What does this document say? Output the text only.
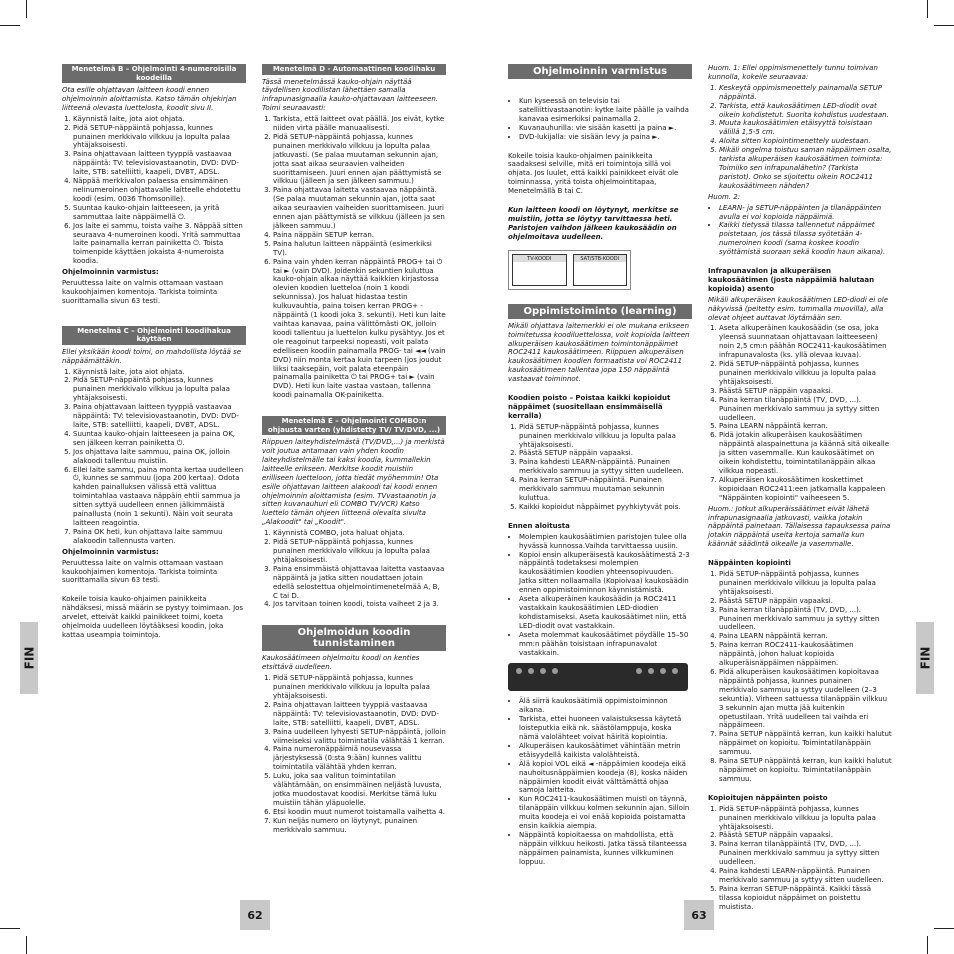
FIN	FIN
62	63
Menetelmä B – Ohjelmointi 4-numeroisilla koodeilla

Ota esille ohjattavan laitteen koodi ennen ohjelmoinnin aloittamista. Katso tämän ohjekirjan liitteenä olevasta luettelosta, koodit sivu II.

1. Käynnistä laite, jota aiot ohjata.
2. Pidä SETUP-näppäintä pohjassa, kunnes punainen merkkivalo vilkkuu ja lopulta palaa yhtäjaksoisesti.
3. Paina ohjattavaan laitteen tyyppiä vastaavaa näppäintä: TV: televisiovastaanotin, DVD: DVD-laite, STB: satelliitti, kaapeli, DVBT, ADSL.
4. Näppää merkkivalon palaessa ensimmäinen nelinumeroinen ohjattavalle laitteelle ehdotettu koodi (esim. 0036 Thomsonille).
5. Suuntaa kauko-ohjain laitteeseen, ja yritä sammuttaa laite näppäimellä ⏻.
6. Jos laite ei sammu, toista vaihe 3. Näppää sitten seuraava 4-numeroinen koodi. Yritä sammuttaa laite painamalla kerran painiketta ⏻. Toista toimenpide käyttäen jokaista 4-numeroista koodia.

Ohjelmoinnin varmistus:

Peruuttessa laite on valmis ottamaan vastaan kaukoohjaimen komentoja. Tarkista toiminta suorittamalla sivun 63 testi.

Menetelmä C – Ohjelmointi koodihakua käyttäen

Ellei yksikään koodi toimi, on mahdollista löytää se näppäämättäkin.

1. Käynnistä laite, jota aiot ohjata.
2. Pidä SETUP-näppäintä pohjassa, kunnes punainen merkkivalo vilkkuu ja lopulta palaa yhtäjaksoisesti.
3. Paina ohjattavaan laitteen tyyppiä vastaavaa näppäintä: TV: televisiovastaanotin, DVD: DVD-laite, STB: satelliitti, kaapeli, DVBT, ADSL.
4. Suuntaa kauko-ohjain laitteeseen ja paina OK, sen jälkeen kerran painiketta ⏻.
5. Jos ohjattava laite sammuu, paina OK, jolloin alakoodi tallentuu muistiin.
6. Ellei laite sammu, paina monta kertaa uudelleen ⏻, kunnes se sammuu (jopa 200 kertaa). Odota kahden painalluksen välissä että valittua toimintahlaa vastaava näppäin ehtii sammua ja sitten syttyä uudelleen ennen jälkimmäistä painallusta (noin 1 sekunti). Näin voit seurata laitteen reagointia.
7. Paina OK heti, kun ohjattava laite sammuu alakoodin tallennusta varten.

Ohjelmoinnin varmistus:

Peruuttessa laite on valmis ottamaan vastaan kaukoohjaimen komentoja. Tarkista toiminta suorittamalla sivun 63 testi.

Kokeile toisia kauko-ohjaimen painikkeita nähdäksesi, missä määrin se pystyy toimimaan. Jos arvelet, etteivät kaikki painikkeet toimi, koeta ohjelmoida uudelleen löytääksesi koodin, joka kattaa useampia toimintoja.

Menetelmä D - Automaattinen koodihaku

Tässä menetelmässä kauko-ohjain näyttää täydellisen koodilistan lähettäen samalla infrapunasignaalia kauko-ohjattavaan laitteeseen. Toimi seuraavasti:

1. Tarkista, että laitteet ovat päällä. Jos eivät, kytke niiden virta päälle manuaalisesti.
2. Pidä SETUP-näppäintä pohjassa, kunnes punainen merkkivalo vilkkuu ja lopulta palaa jatkuvasti. (Se palaa muutaman sekunnin ajan, jotta saat aikaa seuraavien vaiheiden suorittamiseen. Juuri ennen ajan päättymistä se vilkkuu (jälleen ja sen jälkeen sammuu.)
3. Paina ohjattavaa laitetta vastaavaa näppäintä. (Se palaa muutaman sekunnin ajan, jotta saat aikaa seuraavien vaiheiden suorittamiseen. Juuri ennen ajan päättymistä se vilkkuu (jälleen ja sen jälkeen sammuu.)
4. Paina näppäin SETUP kerran.
5. Paina halutun laitteen näppäintä (esimerkiksi TV).
6. Paina vain yhden kerran näppäintä PROG+ tai ⏻ tai ► (vain DVD). Joidenkin sekuntien kuluttua kauko-ohjain alkaa näyttää kaikkien kirjastossa olevien koodien luetteloa (noin 1 koodi sekunnissa). Jos haluat hidastaa testin kulkuvauhtia, paina toisen kerran PROG+ -näppäintä (1 koodi joka 3. sekunti). Heti kun laite vaihtaa kanavaa, paina välittömästi OK, jolloin koodi tallentuu ja luettelon kulku pysähtyy. Jos et ole reagoinut tarpeeksi nopeasti, voit palata edelliseen koodiin painamalla PROG- tai ◄◄ (vain DVD) niin monta kertaa kuin tarpeen (jos joudut liiksi taaksepäin, voit palata eteenpäin painamalla painiketta ⏻ tai PROG+ tai ► (vain DVD). Heti kun laite vastaa vastaan, tallenna koodi painamalla OK-painiketta.
Menetelmä E – Ohjelmointi COMBO:n ohjausta varten (yhdistetty TV/ TV/DVD, ...)

Riippuen laiteyhdistelmästä (TV/DVD,...) ja merkistä voit joutua antamaan vain yhden koodin laiteyhdistelmälle tai kaksi koodia, kummallekin laitteelle erikseen. Merkitse koodit muistiin erilliseen luetteloon, jotta tiedät myöhemmin! Ota esille ohjattavan laitteen alakoodi tai koodi ennen ohjelmoinnin aloittamista (esim. TVvastaanotin ja sitten kuvanauhuri eli COMBO TV/VCR) Katso luettelo tämän ohjeen liitteenä olevalta sivulta „Alakoodit" tai „Koodit".

1. Käynnistä COMBO, jota haluat ohjata.
2. Pidä SETUP-näppäintä pohjassa, kunnes punainen merkkivalo vilkkuu ja lopulta palaa yhtäjaksoisesti.
3. Paina ensimmäistä ohjattavaa laitetta vastaavaa näppäintä ja jatka sitten noudattaen jotain edellä selostettua ohjelmointimenetelmää A, B, C tai D.
4. Jos tarvitaan toinen koodi, toista vaiheet 2 ja 3.
Ohjelmoidun koodin tunnistaminen

Kaukosäätimeen ohjelmoitu koodi on kenties etsittävä uudelleen.

1. Pidä SETUP-näppäintä pohjassa, kunnes punainen merkkivalo vilkkuu ja lopulta palaa yhtäjaksoisesti.
2. Paina ohjattavan laitteen tyyppiä vastaavaa näppäintä: TV: televisiovastaanotin, DVD: DVD-laite, STB: satelliitti, kaapeli, DVBT, ADSL.
3. Paina uudelleen lyhyesti SETUP-näppäintä, jolloin viimeiseksi valittu toimintatila välähtää 1 kerran.
4. Paina numeronäppäimiä nousevassa järjestyksessä (0:sta 9:ään) kunnes valittu toimintatila välähtää yhden kerran.
5. Luku, joka saa valitun toimintatilan välähtämään, on ensimmäinen neljästä luvusta, jotka muodostavat koodisi. Merkitse tämä luku muistiin tähän yläpuolelle.
6. Etsi koodin muut numerot toistamalla vaihetta 4.
7. Kun neljäs numero on löytynyt, punainen merkkivalo sammuu.
Ohjelmoinnin varmistus
• Kun kyseessä on televisio tai satelliittivastaanotin: kytke laite päälle ja vaihda kanavaa esimerkiksi painamalla 2.
• Kuvanauhurilla: vie sisään kasetti ja paina ►.
• DVD-lukijalla: vie sisään levy ja paina ►.

Kokeile toisia kauko-ohjaimen painikkeita saadaksesi selville, mitä eri toimintoja sillä voi ohjata. Jos luulet, että kaikki painikkeet eivät ole toiminnassa, yritä toista ohjelmointitapaa, Menetelmällä B tai C.

Kun laitteen koodi on löytynyt, merkitse se muistiin, jotta se löytyy tarvittaessa heti. Paristojen vaihdon jälkeen kaukosäädin on ohjelmoitava uudelleen.

TV-KOODI	SAT/STB-KOODI
Oppimistoiminto (learning)

Mikäli ohjattava laitemerkki ei ole mukana erikseen toimitetussa koodiluettelossa, voit kopioida laitteen alkuperäisen kaukosäätimen toimintonäppäimet ROC2411 kaukosäätimeen. Riippuen alkuperäisen kaukosäätimen koodien formaatista voi ROC2411 kaukosäätimeen tallentaa jopa 150 näppäintä vastaavat toiminnot.

Koodien poisto – Poistaa kaikki kopioidut näppäimet (suositellaan ensimmäisellä kerralla)

1. Pidä SETUP-näppäintä pohjassa, kunnes punainen merkkivalo vilkkuu ja lopulta palaa yhtäjaksoisesti.
2. Päästä SETUP näppäin vapaaksi.
3. Paina kahdesti LEARN-näppäintä. Punainen merkkivalo sammuu ja syttyy sitten uudelleen.
4. Paina kerran SETUP-näppäintä. Punainen merkkivalo sammuu muutaman sekunnin kuluttua.
5. Kaikki kopioidut näppäimet pyyhkiytyvät pois.

Ennen aloitusta

• Molempien kaukosäätimien paristojen tulee olla hyvässä kunnossa.Vaihda tarvittaessa uusiin.
• Kopioi ensin alkuperäisestä kaukosäätimestä 2-3 näppäintä todetaksesi molempien kaukosäätimien koodien yhteensopivuuden. Jatka sitten nollaamalla (Kopioivaa) kaukosäädin ennen oppimistoiminnon käynnistämistä.
• Aseta alkuperäinen kaukosäädin ja ROC2411 vastakkain kaukosäätimien LED-diodien kohdistamiseksi. Aseta kaukosäätimet niin, että LED-diodit ovat vastakkain.
• Aseta molemmat kaukosäätimet pöydälle 15–50 mm:n päähän toisistaan infrapunavalot vastakkain.
• Älä siirrä kaukosäätimiä oppimistoiminnon aikana.
• Tarkista, ettei huoneen valaistuksessa käytetä loisteputkia eikä nk. säästölamppuja, koska nämä valolähteet voivat häiritä kopiointia.
• Alkuperäisen kaukosäätimet vähintään metrin etäisyydellä kaikista valolähteistä.
• Älä kopioi VOL eikä ◄ -näppäimien koodeja eikä nauhoitusnäppäimien koodeja (8), koska näiden näppäimien koodit eivät välttämättä ohjaa samoja laitteita.
• Kun ROC2411-kaukosäätimen muisti on täynnä, tilanäppäin vilkkuu kolmen sekunnin ajan. Silloin muita koodeja ei voi enää kopioida poistamatta ensin kaikkia aiempia.
• Näppäintä kopioitaessa on mahdollista, että näppäin vilkkuu heikosti. Jatka tässä tilanteessa näppäimen painamista, kunnes vilkkuminen loppuu.

Huom. 1: Ellei oppimismenettely tunnu toimivan kunnolla, kokeile seuraavaa:

1. Keskeytä oppimismenettely painamalla SETUP näppäintä.
2. Tarkista, että kaukosäätimen LED-diodit ovat oikein kohdistetut. Suorita kohdistus uudestaan.
3. Muuta kaukosäätimien etäisyyttä toisistaan välillä 1,5-5 cm.
4. Aloita sitten kopiointimenettely uudestaan.
5. Mikäli ongelma toistuu saman näppäimen osalta, tarkista alkuperäisen kaukosäätimen toiminta: Toimiiko sen infrapunalähetin? (Tarkista paristot). Onko se sijoitettu oikein ROC2411 kaukosäätimeen nähden?

Huom. 2:

• LEARN- ja SETUP-näppäinten ja tilanäppäinten avulla ei voi kopioida näppäimiä.
• Kaikki tietyssä tilassa tallennetut näppäimet poistetaan, jos tässä tilassa syötetään 4-numeroinen koodi (sama koskee koodin syöttämistä suoraan sekä koodin haun aikana).

Infrapunavalon ja alkuperäisen kaukosäätimen (josta näppäimiä halutaan kopioida) asento

Mikäli alkuperäisen kaukosäätimen LED-diodi ei ole näkyvissä (peitetty esim. tummalla muovilla), alla olevat ohjeet auttavat löytämään sen.

1. Aseta alkuperäinen kaukosäädin (se osa, joka yleensä suunnataan ohjattavaan laitteeseen) noin 2,5 cm:n päähän ROC2411-kaukosäätimen infrapunavalosta (ks. yllä olevaa kuvaa).
2. Pidä SETUP-näppäintä pohjassa, kunnes punainen merkkivalo vilkkuu ja lopulta palaa yhtäjaksoisesti.
3. Päästä SETUP näppäin vapaaksi.
4. Paina kerran tilanäppäintä (TV, DVD, ...). Punainen merkkivalo sammuu ja syttyy sitten uudelleen.
5. Paina LEARN näppäintä kerran.
6. Pidä jotakin alkuperäisen kaukosäätimen näppäintä alaspainettuna ja käännä sitä oikealle ja sitten vasemmalle. Kun kaukosäätimet on oikein kohdistettu, toimintatilanäppäin alkaa vilkkua nopeasti.
7. Alkuperäisen kaukosäätimen koskettimet kopioidaan ROC2411:een jatkamalla kappaleen "Näppäinten kopiointi" vaiheeseen 5.

Huom.: Jotkut alkuperäissäätimet eivät lähetä infrapunasignaalia jatkuvasti, vaikka jotakin näppäintä painetaan. Tällaisessa tapauksessa paina jotakin näppäintä useita kertoja samalla kun käännät säädintä oikealle ja vasemmalle.

Näppäinten kopiointi

1. Pidä SETUP-näppäintä pohjassa, kunnes punainen merkkivalo vilkkuu ja lopulta palaa yhtäjaksoisesti.
2. Päästä SETUP näppäin vapaaksi.
3. Paina kerran tilanäppäintä (TV, DVD, ...). Punainen merkkivalo sammuu ja syttyy sitten uudelleen.
4. Paina LEARN näppäintä kerran.
5. Paina kerran ROC2411-kaukosäätimen näppäintä, johon haluat kopioida alkuperäisnäppäimen näppäimen.
6. Pidä alkuperäisen kaukosäätimen kopioitavaa näppäintä pohjassa, kunnes punainen merkkivalo sammuu ja syttyy uudelleen (2–3 sekuntia). Virheen sattuessa tilanäppäin vilkkuu 3 sekunnin ajan mutta jää kuitenkin opetustilaan. Yritä uudelleen tai vaihda eri näppäimeen.
7. Paina SETUP näppäintä kerran, kun kaikki halutut näppäimet on kopioitu. Toimintatilanäppäin sammuu.
8. Paina SETUP näppäintä kerran, kun kaikki halutut näppäimet on kopioitu. Toimintatilanäppäin sammuu.

Kopioitujen näppäinten poisto

1. Pidä SETUP-näppäintä pohjassa, kunnes punainen merkkivalo vilkkuu ja lopulta palaa yhtäjaksoisesti.
2. Päästä SETUP näppäin vapaaksi.
3. Paina kerran tilanäppäintä (TV, DVD, ...). Punainen merkkivalo sammuu ja syttyy sitten uudelleen.
4. Paina kahdesti LEARN-näppäintä. Punainen merkkivalo sammuu ja syttyy sitten uudelleen.
5. Paina kerran SETUP-näppäintä. Kaikki tässä tilassa kopioidut näppäimet on poistettu muistista.
